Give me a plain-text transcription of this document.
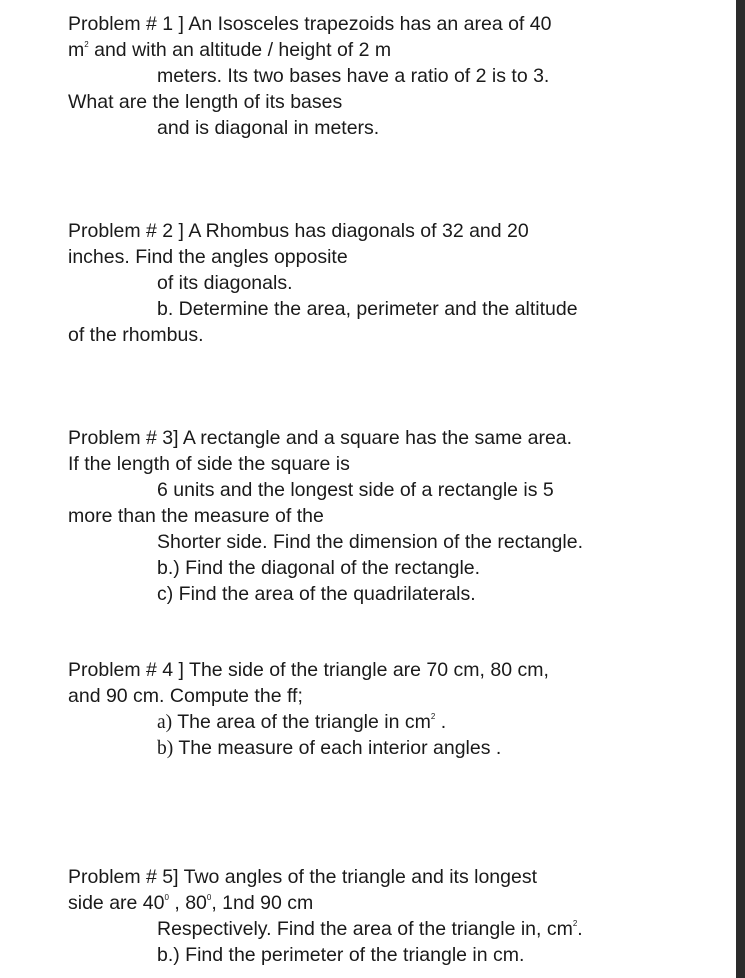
Problem # 1 ] An Isosceles trapezoids has an area of 40
$m^2$ and with an altitude / height of 2 m
meters. Its two bases have a ratio of 2 is to 3.
What are the length of its bases
and is diagonal in meters.
Problem # 2 ] A Rhombus has diagonals of 32 and 20
inches. Find the angles opposite
of its diagonals.
b. Determine the area, perimeter and the altitude
of the rhombus.
Problem # 3] A rectangle and a square has the same area.
If the length of side the square is
6 units and the longest side of a rectangle is 5
more than the measure of the
Shorter side. Find the dimension of the rectangle.
b.) Find the diagonal of the rectangle.
c) Find the area of the quadrilaterals.
Problem # 4 ] The side of the triangle are 70 cm, 80 cm,
and 90 cm. Compute the ff;
a) The area of the triangle in $cm^2$ .
b) The measure of each interior angles .
Problem # 5] Two angles of the triangle and its longest
side are $40^0$ , $80^0$, 1nd 90 cm
Respectively. Find the area of the triangle in, $cm^2$.
b.) Find the perimeter of the triangle in cm.
